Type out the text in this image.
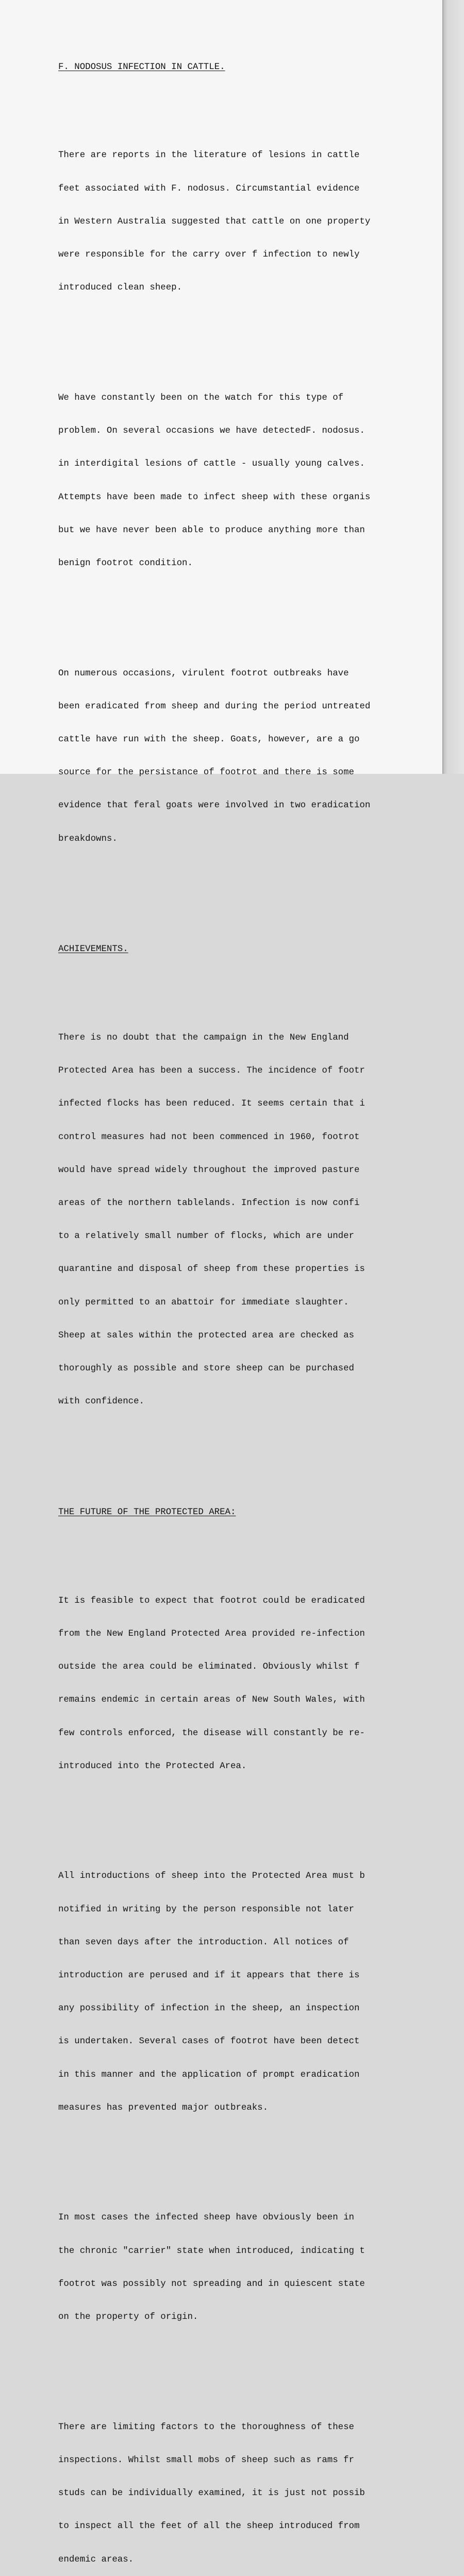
F. NODOSUS INFECTION IN CATTLE.

There are reports in the literature of lesions in cattle

feet associated with F. nodosus. Circumstantial evidence

in Western Australia suggested that cattle on one property

were responsible for the carry over f infection to newly

introduced clean sheep.

We have constantly been on the watch for this type of

problem. On several occasions we have detectedF. nodosus.

in interdigital lesions of cattle - usually young calves.

Attempts have been made to infect sheep with these organis

but we have never been able to produce anything more than

benign footrot condition.

On numerous occasions, virulent footrot outbreaks have

been eradicated from sheep and during the period untreated

cattle have run with the sheep. Goats, however, are a go

source for the persistance of footrot and there is some

evidence that feral goats were involved in two eradication

breakdowns.

ACHIEVEMENTS.

There is no doubt that the campaign in the New England

Protected Area has been a success. The incidence of footr

infected flocks has been reduced. It seems certain that i

control measures had not been commenced in 1960, footrot

would have spread widely throughout the improved pasture

areas of the northern tablelands. Infection is now confi

to a relatively small number of flocks, which are under

quarantine and disposal of sheep from these properties is

only permitted to an abattoir for immediate slaughter.

Sheep at sales within the protected area are checked as

thoroughly as possible and store sheep can be purchased

with confidence.

THE FUTURE OF THE PROTECTED AREA:

It is feasible to expect that footrot could be eradicated

from the New England Protected Area provided re-infection

outside the area could be eliminated. Obviously whilst f

remains endemic in certain areas of New South Wales, with

few controls enforced, the disease will constantly be re-

introduced into the Protected Area.

All introductions of sheep into the Protected Area must b

notified in writing by the person responsible not later

than seven days after the introduction. All notices of

introduction are perused and if it appears that there is

any possibility of infection in the sheep, an inspection

is undertaken. Several cases of footrot have been detect

in this manner and the application of prompt eradication

measures has prevented major outbreaks.

In most cases the infected sheep have obviously been in

the chronic "carrier" state when introduced, indicating t

footrot was possibly not spreading and in quiescent state

on the property of origin.

There are limiting factors to the thoroughness of these

inspections. Whilst small mobs of sheep such as rams fr

studs can be individually examined, it is just not possib

to inspect all the feet of all the sheep introduced from

endemic areas.
